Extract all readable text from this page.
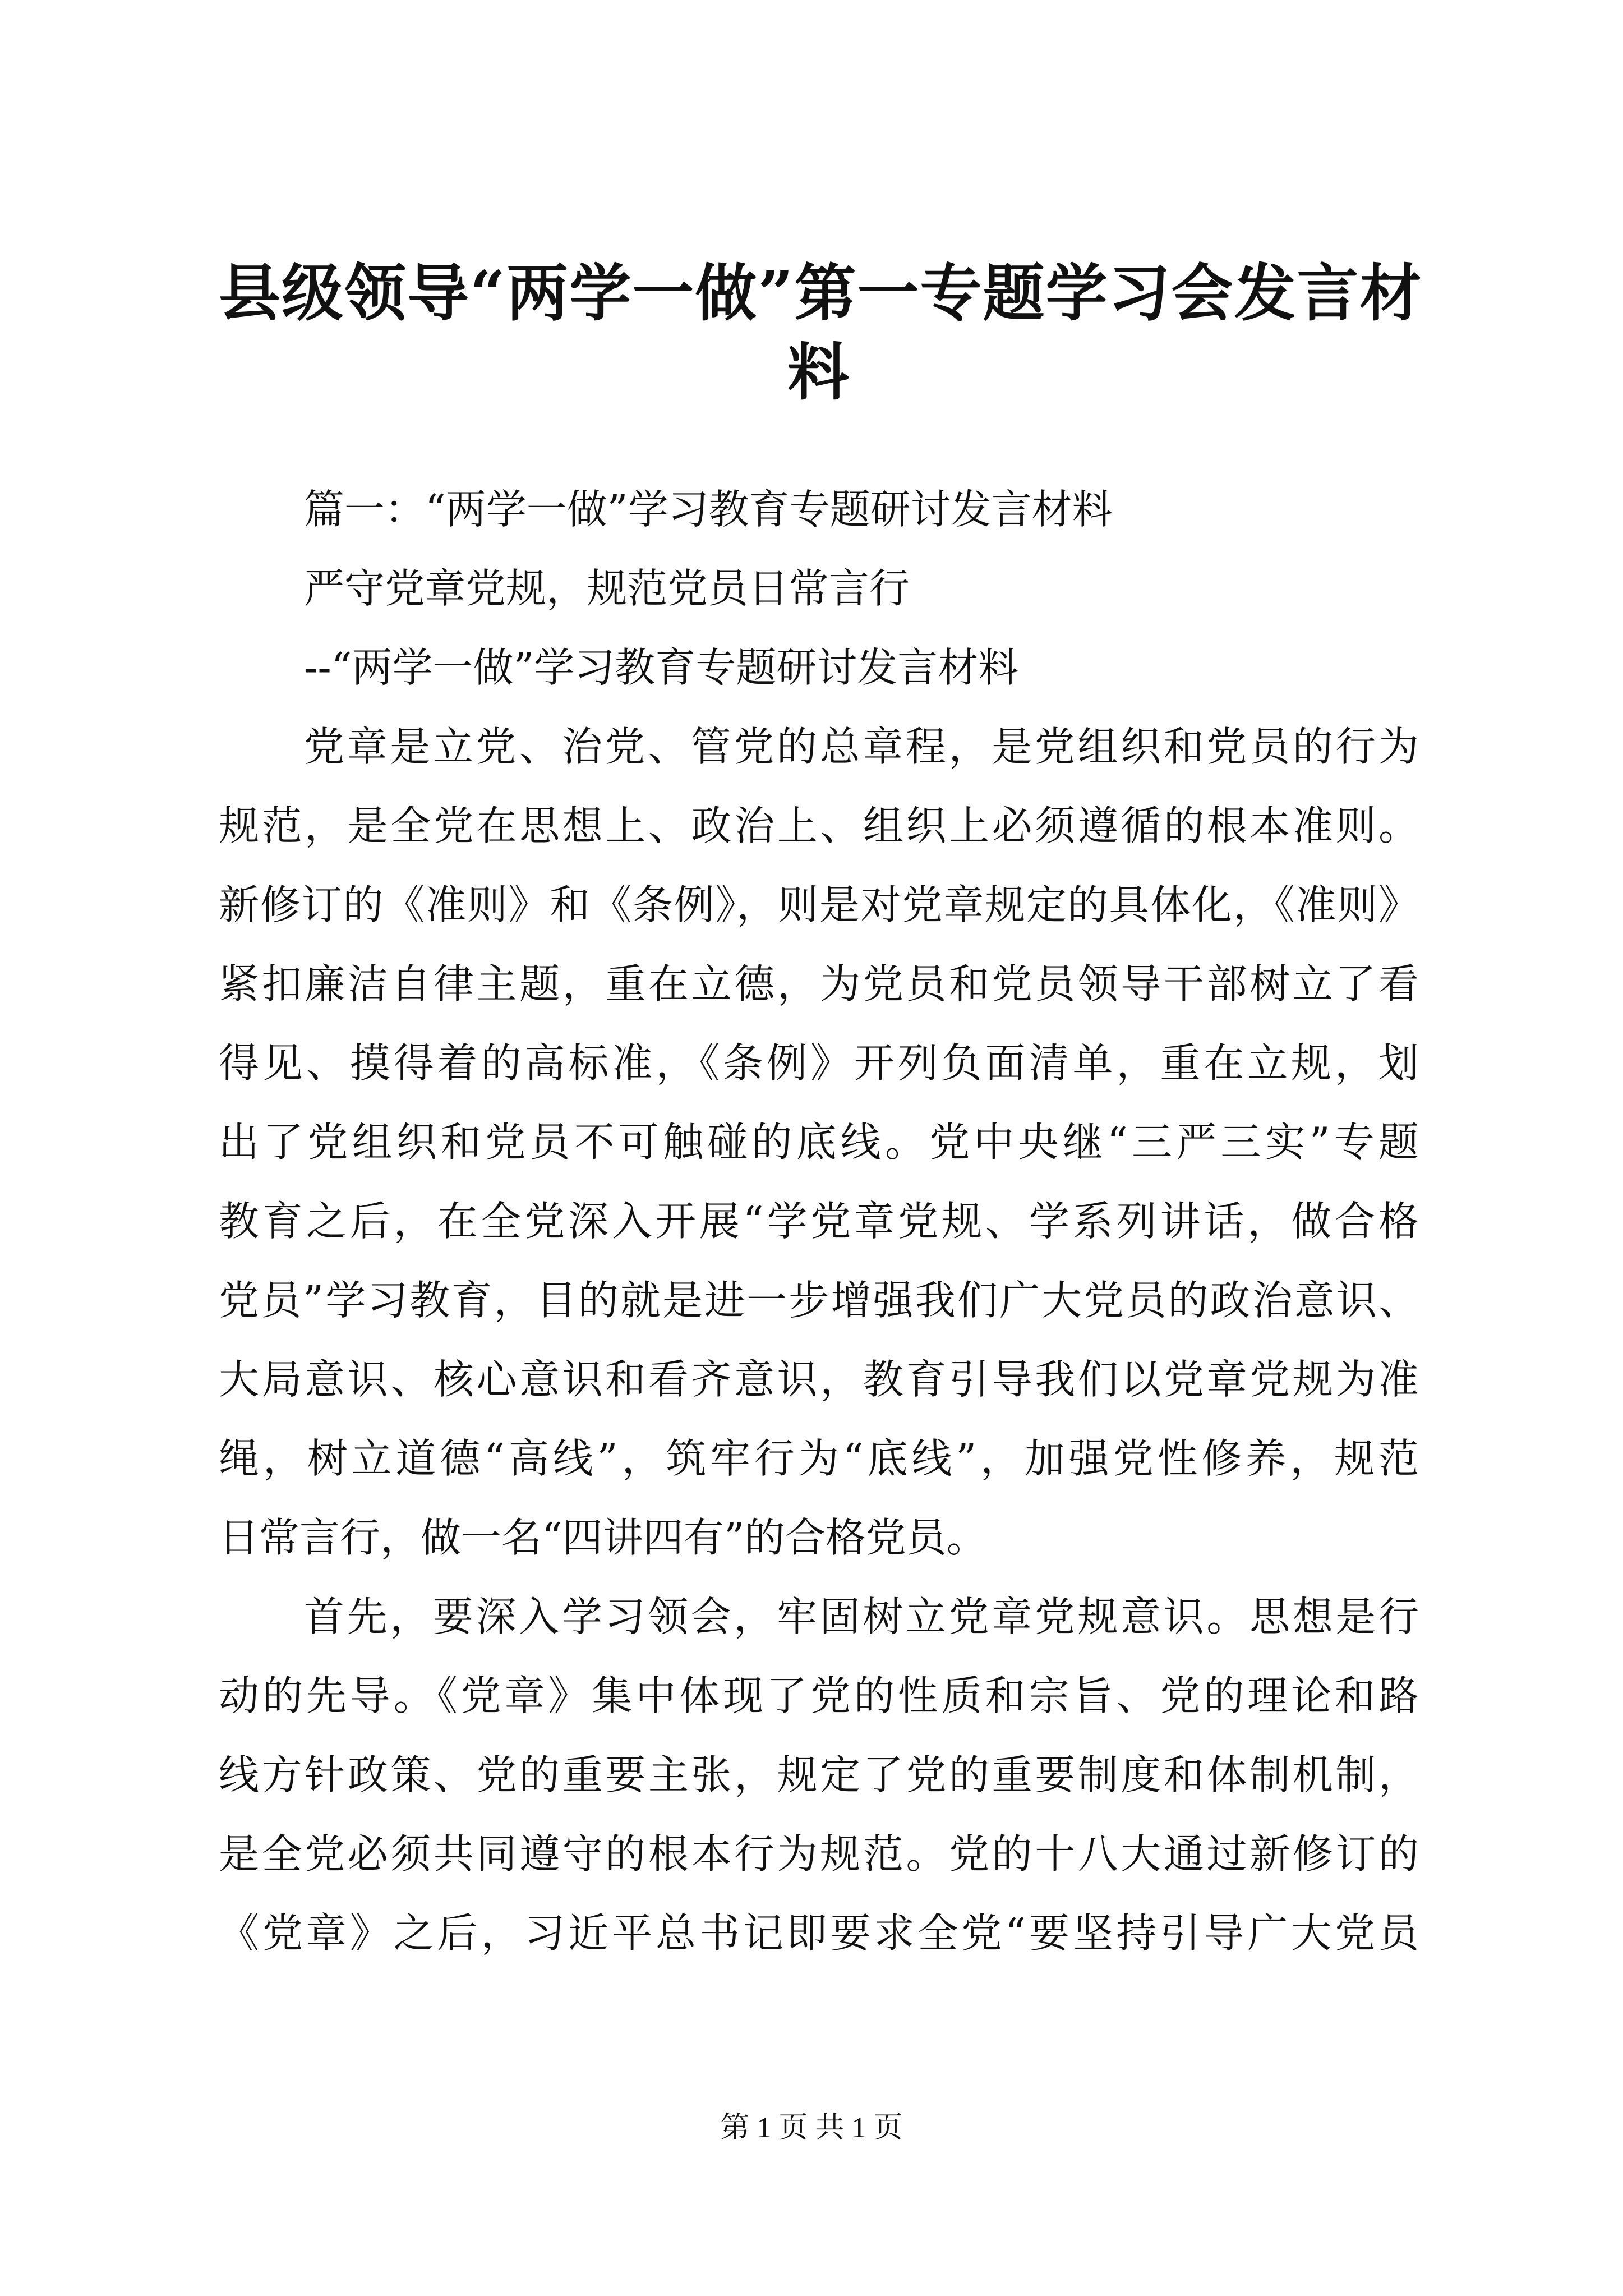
县级领导“两学一做”第一专题学习会发言材
料
篇一：“两学一做”学习教育专题研讨发言材料
严守党章党规，规范党员日常言行
--“两学一做”学习教育专题研讨发言材料
党章是立党、治党、管党的总章程，是党组织和党员的行为
规范，是全党在思想上、政治上、组织上必须遵循的根本准则。
新修订的《准则》和《条例》，则是对党章规定的具体化，《准则》
紧扣廉洁自律主题，重在立德，为党员和党员领导干部树立了看
得见、摸得着的高标准，《条例》开列负面清单，重在立规，划
出了党组织和党员不可触碰的底线。党中央继“三严三实”专题
教育之后，在全党深入开展“学党章党规、学系列讲话，做合格
党员”学习教育，目的就是进一步增强我们广大党员的政治意识、
大局意识、核心意识和看齐意识，教育引导我们以党章党规为准
绳，树立道德“高线”，筑牢行为“底线”，加强党性修养，规范
日常言行，做一名“四讲四有”的合格党员。
首先，要深入学习领会，牢固树立党章党规意识。思想是行
动的先导。《党章》集中体现了党的性质和宗旨、党的理论和路
线方针政策、党的重要主张，规定了党的重要制度和体制机制，
是全党必须共同遵守的根本行为规范。党的十八大通过新修订的
《党章》之后，习近平总书记即要求全党“要坚持引导广大党员
第 1 页 共 1 页
